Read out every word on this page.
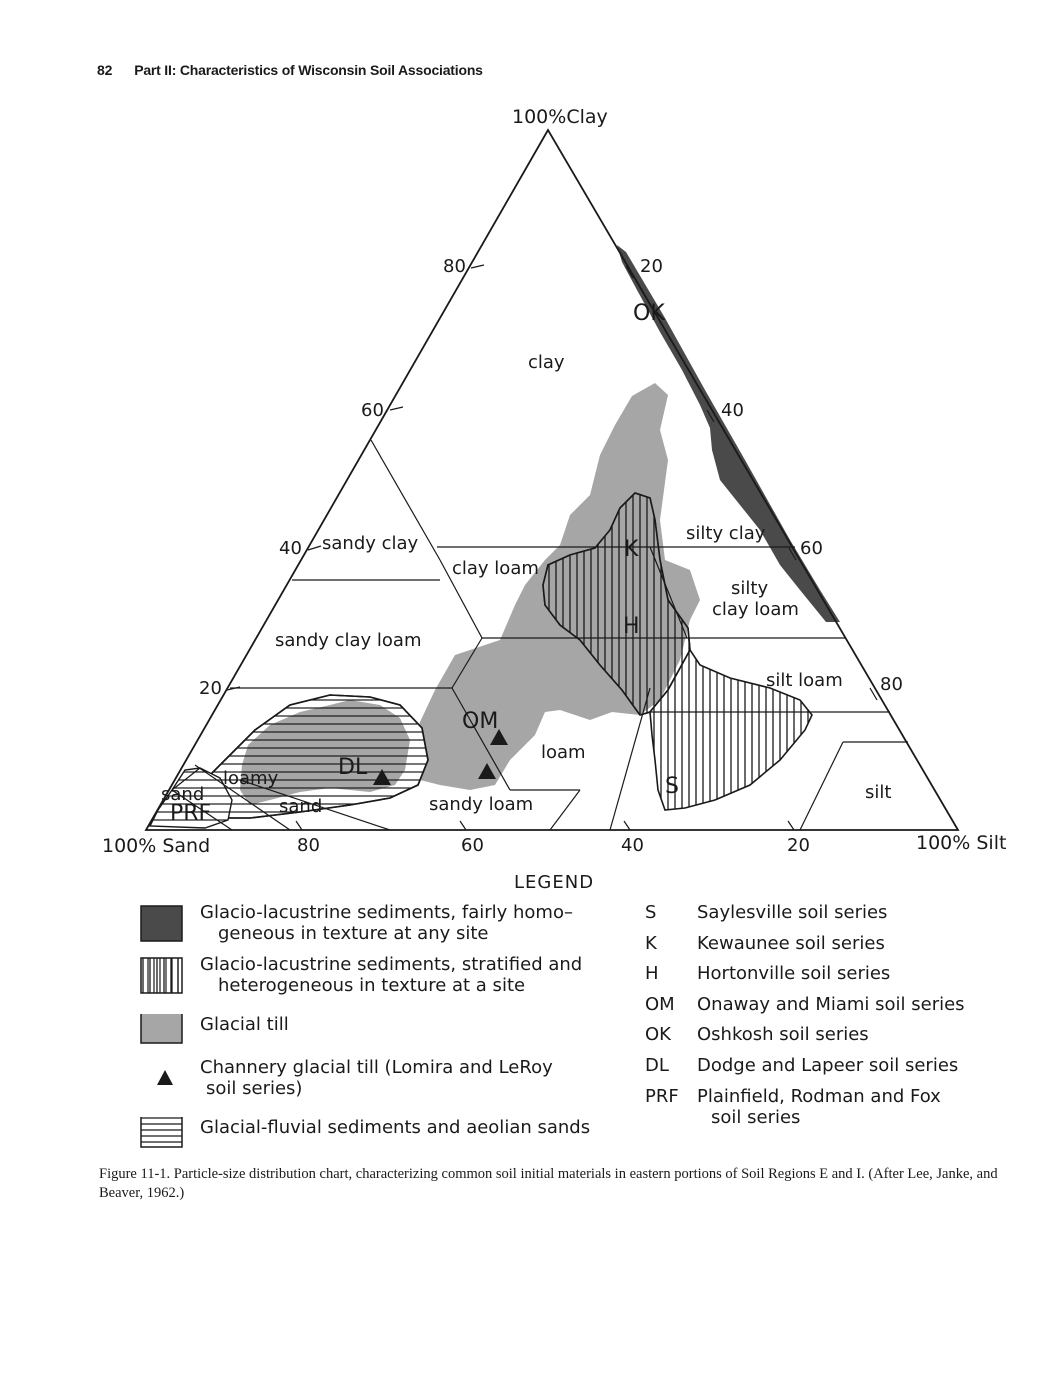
82 Part II: Characteristics of Wisconsin Soil Associations
100%Clay
100% Sand	100% Silt
80
60
40
20
20
40
60
80
80	60	40	20
clay
sandy clay
clay loam
silty clay
silty
clay loam
sandy clay loam
silt loam
loam
sandy loam
loamy
sand
sand
silt
OK
K
H
OM
S
DL
PRF
LEGEND
Glacio-lacustrine sediments, fairly homo–
geneous in texture at any site
Glacio-lacustrine sediments, stratified and
heterogeneous in texture at a site
Glacial till
Channery glacial till (Lomira and LeRoy
soil series)
Glacial-fluvial sediments and aeolian sands
S	Saylesville soil series
K	Kewaunee soil series
H	Hortonville soil series
OM	Onaway and Miami soil series
OK	Oshkosh soil series
DL	Dodge and Lapeer soil series
PRF	Plainfield, Rodman and Fox
soil series
Figure 11-1. Particle-size distribution chart, characterizing common soil initial materials in eastern portions of Soil Regions E and I. (After Lee, Janke, and Beaver, 1962.)
